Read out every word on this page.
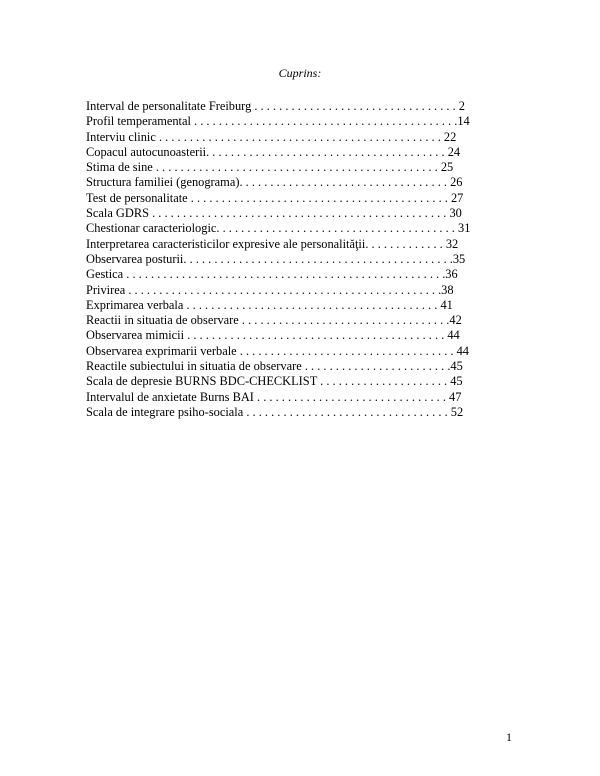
Cuprins:
Interval de personalitate Freiburg . . . . . . . . . . . . . . . . . . . . . . . . . . . . . . . . . 2
Profil temperamental . . . . . . . . . . . . . . . . . . . . . . . . . . . . . . . . . . . . . . . . . . .14
Interviu clinic . . . . . . . . . . . . . . . . . . . . . . . . . . . . . . . . . . . . . . . . . . . . . . 22
Copacul autocunoasterii. . . . . . . . . . . . . . . . . . . . . . . . . . . . . . . . . . . . . . . 24
Stima de sine . . . . . . . . . . . . . . . . . . . . . . . . . . . . . . . . . . . . . . . . . . . . . . 25
Structura familiei (genograma). . . . . . . . . . . . . . . . . . . . . . . . . . . . . . . . . . 26
Test de personalitate . . . . . . . . . . . . . . . . . . . . . . . . . . . . . . . . . . . . . . . . . . 27
Scala GDRS . . . . . . . . . . . . . . . . . . . . . . . . . . . . . . . . . . . . . . . . . . . . . . . . 30
Chestionar caracteriologic. . . . . . . . . . . . . . . . . . . . . . . . . . . . . . . . . . . . . . . 31
Interpretarea caracteristicilor expresive ale personalităţii. . . . . . . . . . . . . 32
Observarea posturii. . . . . . . . . . . . . . . . . . . . . . . . . . . . . . . . . . . . . . . . . . . .35
Gestica . . . . . . . . . . . . . . . . . . . . . . . . . . . . . . . . . . . . . . . . . . . . . . . . . . . .36
Privirea . . . . . . . . . . . . . . . . . . . . . . . . . . . . . . . . . . . . . . . . . . . . . . . . . . .38
Exprimarea verbala . . . . . . . . . . . . . . . . . . . . . . . . . . . . . . . . . . . . . . . . . 41
Reactii in situatia de observare . . . . . . . . . . . . . . . . . . . . . . . . . . . . . . . . . .42
Observarea mimicii . . . . . . . . . . . . . . . . . . . . . . . . . . . . . . . . . . . . . . . . . . 44
Observarea exprimarii verbale . . . . . . . . . . . . . . . . . . . . . . . . . . . . . . . . . . . 44
Reactile subiectului in situatia de observare . . . . . . . . . . . . . . . . . . . . . . . .45
Scala de depresie BURNS BDC-CHECKLIST . . . . . . . . . . . . . . . . . . . . . 45
Intervalul de anxietate Burns BAI . . . . . . . . . . . . . . . . . . . . . . . . . . . . . . . 47
Scala de integrare psiho-sociala . . . . . . . . . . . . . . . . . . . . . . . . . . . . . . . . . 52
1
